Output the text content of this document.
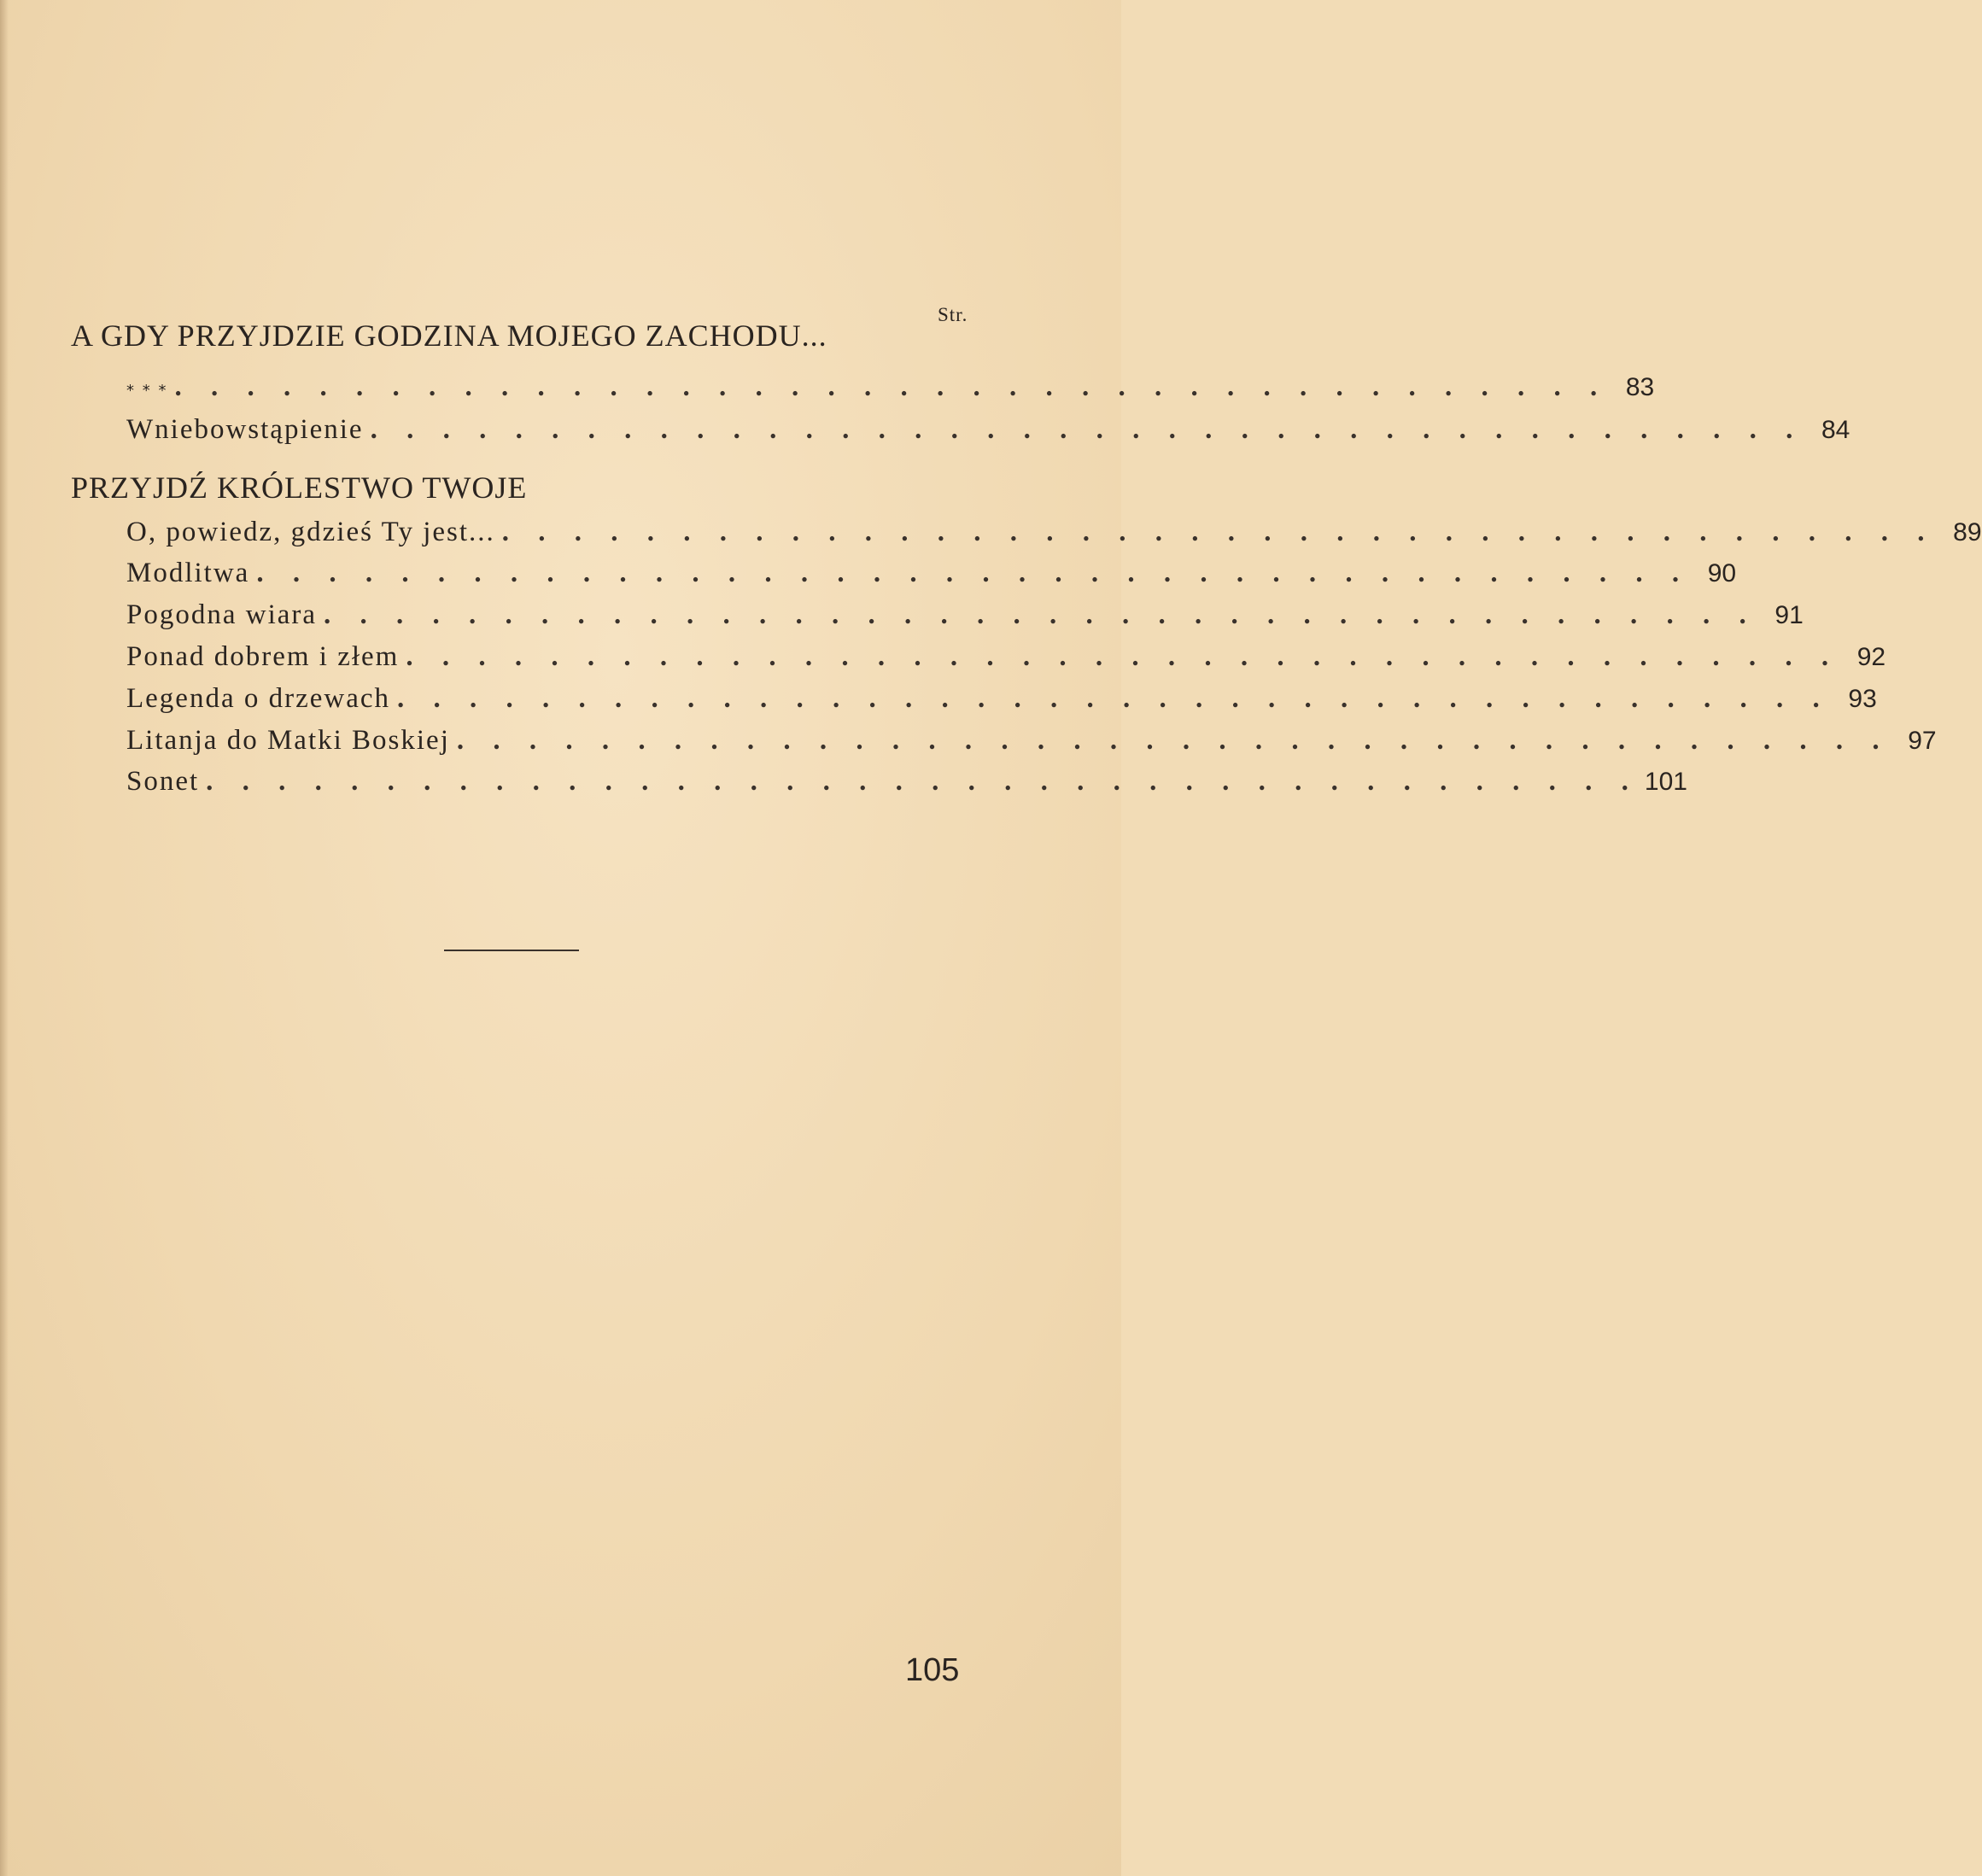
Str.
A GDY PRZYJDZIE GODZINA MOJEGO ZACHODU...
* * * . . . . . . . . . . . . . . . . . . . . . . . . . . . . . . . . . . . . . . . . 83
Wniebowstąpienie . . . . . . . . . . . . . . . . . . . . . . . . . . . . . . . . . . . . . . . . 84
PRZYJDŹ KRÓLESTWO TWOJE
O, powiedz, gdzieś Ty jest... . . . . . . . . . . . . . . . . . . . . . . . . . . . . . . . . . . . . . . . . 89
Modlitwa . . . . . . . . . . . . . . . . . . . . . . . . . . . . . . . . . . . . . . . . 90
Pogodna wiara . . . . . . . . . . . . . . . . . . . . . . . . . . . . . . . . . . . . . . . . 91
Ponad dobrem i złem . . . . . . . . . . . . . . . . . . . . . . . . . . . . . . . . . . . . . . . . 92
Legenda o drzewach . . . . . . . . . . . . . . . . . . . . . . . . . . . . . . . . . . . . . . . . 93
Litanja do Matki Boskiej . . . . . . . . . . . . . . . . . . . . . . . . . . . . . . . . . . . . . . . . 97
Sonet . . . . . . . . . . . . . . . . . . . . . . . . . . . . . . . . . . . . . . . . 101
105
